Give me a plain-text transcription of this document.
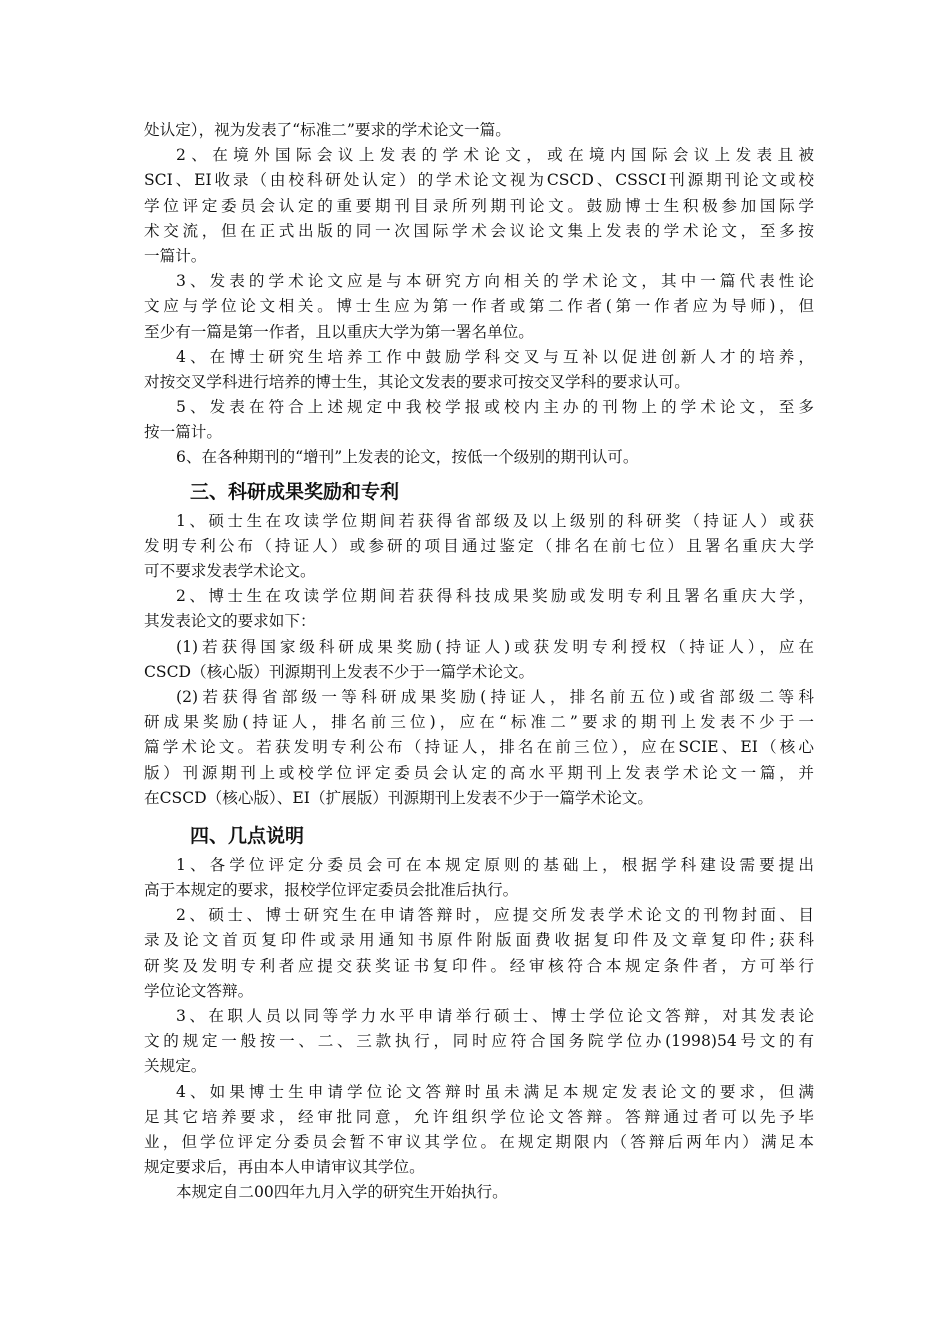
处认定），视为发表了“标准二”要求的学术论文一篇。
2、在境外国际会议上发表的学术论文，或在境内国际会议上发表且被
SCI、EI收录（由校科研处认定）的学术论文视为CSCD、CSSCI刊源期刊论文或校
学位评定委员会认定的重要期刊目录所列期刊论文。鼓励博士生积极参加国际学
术交流，但在正式出版的同一次国际学术会议论文集上发表的学术论文，至多按
一篇计。
3、发表的学术论文应是与本研究方向相关的学术论文，其中一篇代表性论
文应与学位论文相关。博士生应为第一作者或第二作者(第一作者应为导师)，但
至少有一篇是第一作者，且以重庆大学为第一署名单位。
4、在博士研究生培养工作中鼓励学科交叉与互补以促进创新人才的培养，
对按交叉学科进行培养的博士生，其论文发表的要求可按交叉学科的要求认可。
5、发表在符合上述规定中我校学报或校内主办的刊物上的学术论文，至多
按一篇计。
6、在各种期刊的“增刊”上发表的论文，按低一个级别的期刊认可。
三、科研成果奖励和专利
1、硕士生在攻读学位期间若获得省部级及以上级别的科研奖（持证人）或获
发明专利公布（持证人）或参研的项目通过鉴定（排名在前七位）且署名重庆大学
可不要求发表学术论文。
2、博士生在攻读学位期间若获得科技成果奖励或发明专利且署名重庆大学，
其发表论文的要求如下：
(1)若获得国家级科研成果奖励(持证人)或获发明专利授权（持证人），应在
CSCD（核心版）刊源期刊上发表不少于一篇学术论文。
(2)若获得省部级一等科研成果奖励(持证人，排名前五位)或省部级二等科
研成果奖励(持证人，排名前三位)，应在“标准二”要求的期刊上发表不少于一
篇学术论文。若获发明专利公布（持证人，排名在前三位），应在SCIE、EI（核心
版）刊源期刊上或校学位评定委员会认定的高水平期刊上发表学术论文一篇，并
在CSCD（核心版）、EI（扩展版）刊源期刊上发表不少于一篇学术论文。
四、几点说明
1、各学位评定分委员会可在本规定原则的基础上，根据学科建设需要提出
高于本规定的要求，报校学位评定委员会批准后执行。
2、硕士、博士研究生在申请答辩时，应提交所发表学术论文的刊物封面、目
录及论文首页复印件或录用通知书原件附版面费收据复印件及文章复印件;获科
研奖及发明专利者应提交获奖证书复印件。经审核符合本规定条件者，方可举行
学位论文答辩。
3、在职人员以同等学力水平申请举行硕士、博士学位论文答辩，对其发表论
文的规定一般按一、二、三款执行，同时应符合国务院学位办(1998)54号文的有
关规定。
4、如果博士生申请学位论文答辩时虽未满足本规定发表论文的要求，但满
足其它培养要求，经审批同意，允许组织学位论文答辩。答辩通过者可以先予毕
业，但学位评定分委员会暂不审议其学位。在规定期限内（答辩后两年内）满足本
规定要求后，再由本人申请审议其学位。
本规定自二00四年九月入学的研究生开始执行。
